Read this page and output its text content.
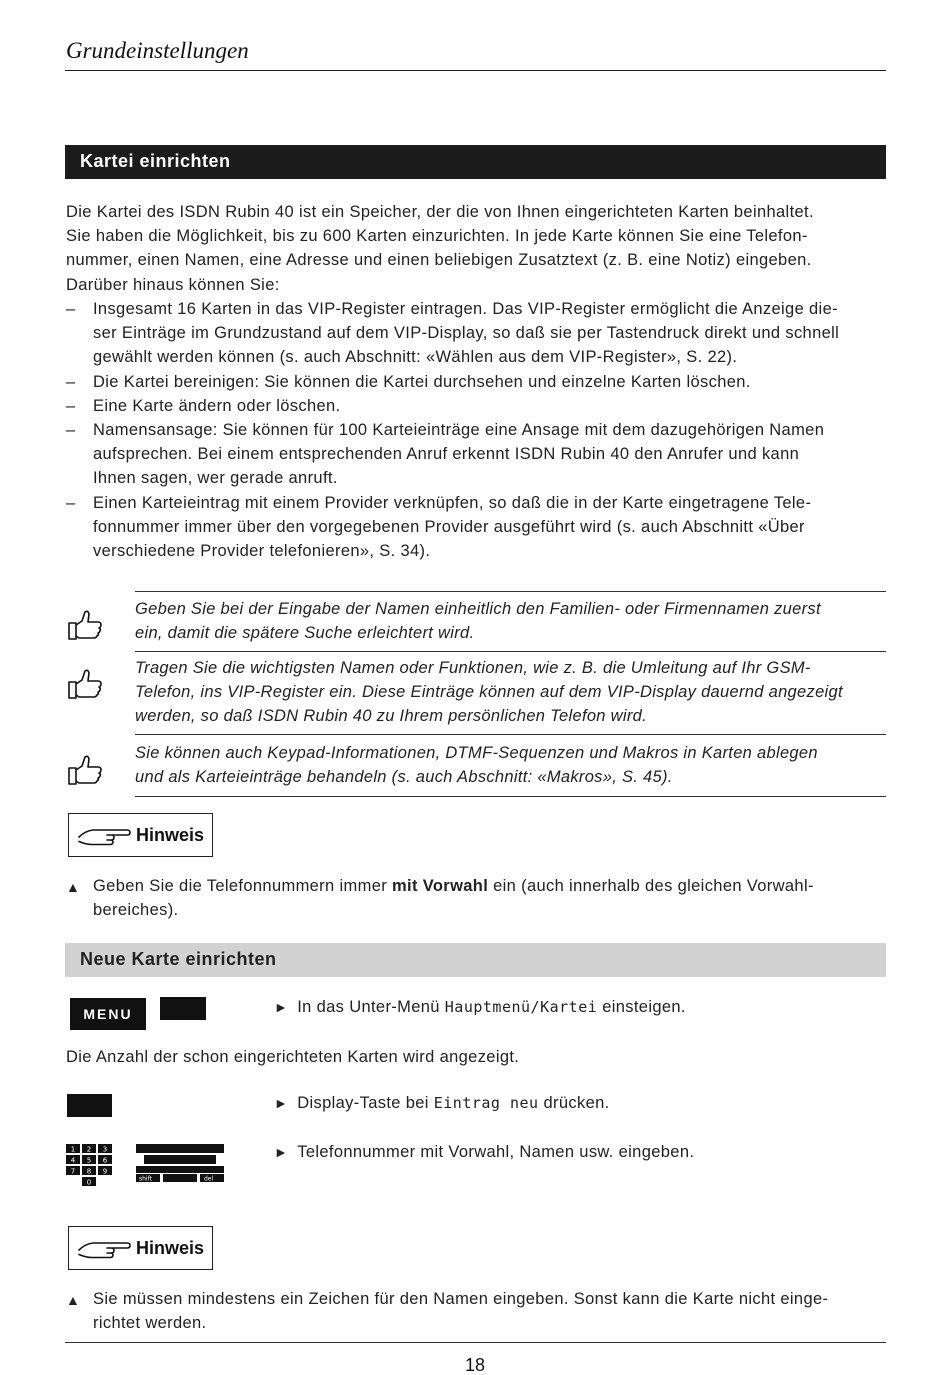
Grundeinstellungen
Kartei einrichten
Die Kartei des ISDN Rubin 40 ist ein Speicher, der die von Ihnen eingerichteten Karten beinhaltet.
Sie haben die Möglichkeit, bis zu 600 Karten einzurichten. In jede Karte können Sie eine Telefon-
nummer, einen Namen, eine Adresse und einen beliebigen Zusatztext (z. B. eine Notiz) eingeben.
Darüber hinaus können Sie:
– Insgesamt 16 Karten in das VIP-Register eintragen. Das VIP-Register ermöglicht die Anzeige die-
ser Einträge im Grundzustand auf dem VIP-Display, so daß sie per Tastendruck direkt und schnell
gewählt werden können (s. auch Abschnitt: «Wählen aus dem VIP-Register», S. 22).
– Die Kartei bereinigen: Sie können die Kartei durchsehen und einzelne Karten löschen.
– Eine Karte ändern oder löschen.
– Namensansage: Sie können für 100 Karteieinträge eine Ansage mit dem dazugehörigen Namen
aufsprechen. Bei einem entsprechenden Anruf erkennt ISDN Rubin 40 den Anrufer und kann
Ihnen sagen, wer gerade anruft.
– Einen Karteieintrag mit einem Provider verknüpfen, so daß die in der Karte eingetragene Tele-
fonnummer immer über den vorgegebenen Provider ausgeführt wird (s. auch Abschnitt «Über
verschiedene Provider telefonieren», S. 34).
Geben Sie bei der Eingabe der Namen einheitlich den Familien- oder Firmennamen zuerst
ein, damit die spätere Suche erleichtert wird.
Tragen Sie die wichtigsten Namen oder Funktionen, wie z. B. die Umleitung auf Ihr GSM-
Telefon, ins VIP-Register ein. Diese Einträge können auf dem VIP-Display dauernd angezeigt
werden, so daß ISDN Rubin 40 zu Ihrem persönlichen Telefon wird.
Sie können auch Keypad-Informationen, DTMF-Sequenzen und Makros in Karten ablegen
und als Karteieinträge behandeln (s. auch Abschnitt: «Makros», S. 45).
Hinweis
▲ Geben Sie die Telefonnummern immer mit Vorwahl ein (auch innerhalb des gleichen Vorwahl-
bereiches).
Neue Karte einrichten
MENU	► In das Unter-Menü Hauptmenü/Kartei einsteigen.
Die Anzahl der schon eingerichteten Karten wird angezeigt.
► Display-Taste bei Eintrag neu drücken.
1 2 3
4 5 6
7 8 9
0	shift	del
► Telefonnummer mit Vorwahl, Namen usw. eingeben.
Hinweis
▲ Sie müssen mindestens ein Zeichen für den Namen eingeben. Sonst kann die Karte nicht einge-
richtet werden.
18
